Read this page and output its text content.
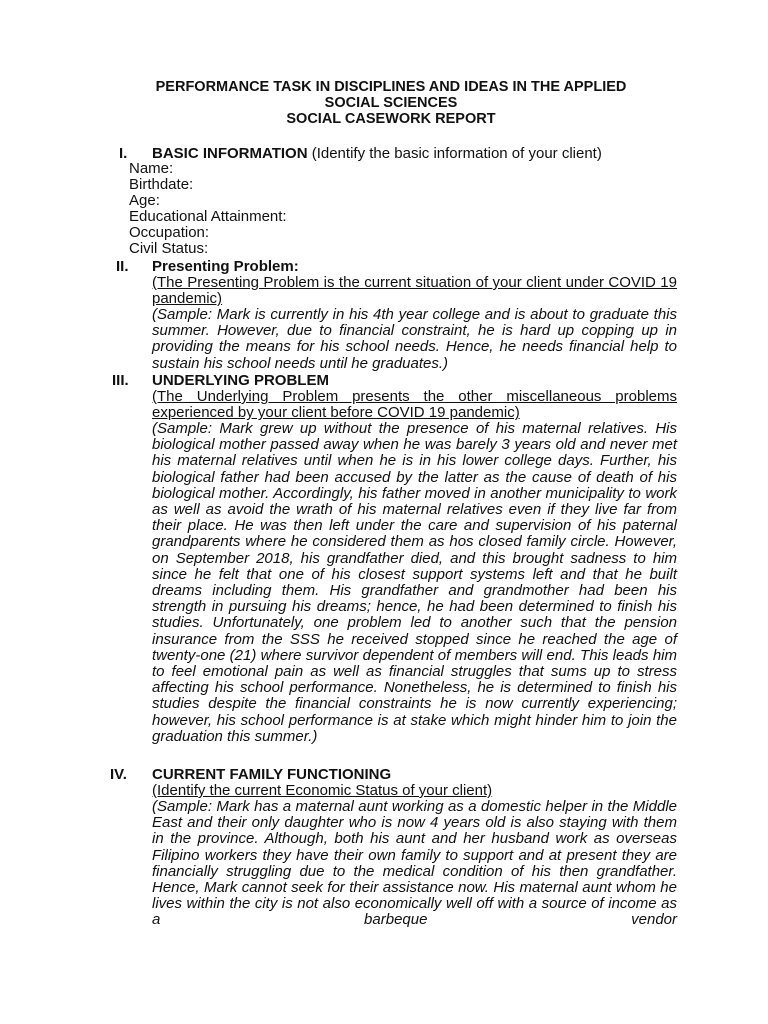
PERFORMANCE TASK IN DISCIPLINES AND IDEAS IN THE APPLIED
SOCIAL SCIENCES
SOCIAL CASEWORK REPORT
I. BASIC INFORMATION (Identify the basic information of your client)
Name:
Birthdate:
Age:
Educational Attainment:
Occupation:
Civil Status:
II. Presenting Problem:
(The Presenting Problem is the current situation of your client under COVID 19 pandemic)
(Sample: Mark is currently in his 4th year college and is about to graduate this summer. However, due to financial constraint, he is hard up copping up in providing the means for his school needs. Hence, he needs financial help to sustain his school needs until he graduates.)
III. UNDERLYING PROBLEM
(The Underlying Problem presents the other miscellaneous problems experienced by your client before COVID 19 pandemic)
(Sample: Mark grew up without the presence of his maternal relatives. His biological mother passed away when he was barely 3 years old and never met his maternal relatives until when he is in his lower college days. Further, his biological father had been accused by the latter as the cause of death of his biological mother. Accordingly, his father moved in another municipality to work as well as avoid the wrath of his maternal relatives even if they live far from their place. He was then left under the care and supervision of his paternal grandparents where he considered them as hos closed family circle. However, on September 2018, his grandfather died, and this brought sadness to him since he felt that one of his closest support systems left and that he built dreams including them. His grandfather and grandmother had been his strength in pursuing his dreams; hence, he had been determined to finish his studies. Unfortunately, one problem led to another such that the pension insurance from the SSS he received stopped since he reached the age of twenty-one (21) where survivor dependent of members will end. This leads him to feel emotional pain as well as financial struggles that sums up to stress affecting his school performance. Nonetheless, he is determined to finish his studies despite the financial constraints he is now currently experiencing; however, his school performance is at stake which might hinder him to join the graduation this summer.)
IV. CURRENT FAMILY FUNCTIONING
(Identify the current Economic Status of your client)
(Sample: Mark has a maternal aunt working as a domestic helper in the Middle East and their only daughter who is now 4 years old is also staying with them in the province. Although, both his aunt and her husband work as overseas Filipino workers they have their own family to support and at present they are financially struggling due to the medical condition of his then grandfather. Hence, Mark cannot seek for their assistance now. His maternal aunt whom he lives within the city is not also economically well off with a source of income as a barbeque vendor
